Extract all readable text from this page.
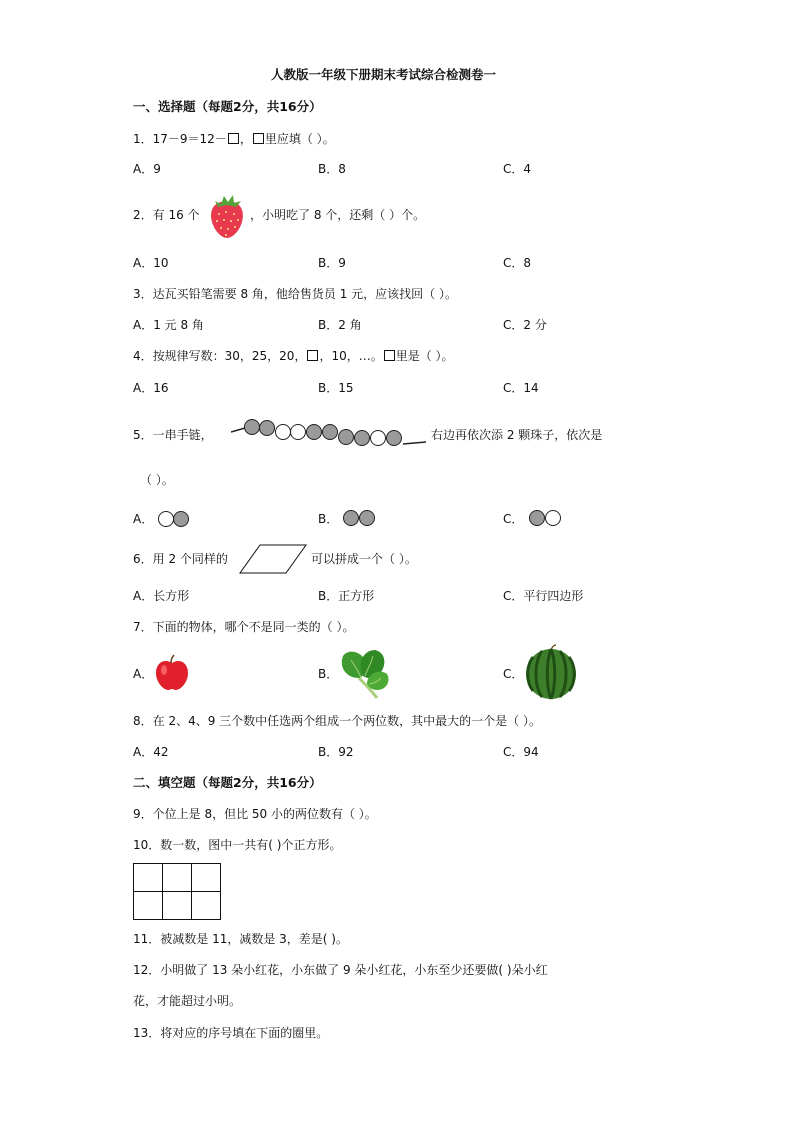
人教版一年级下册期末考试综合检测卷一
一、选择题（每题2分，共16分）
1．17－9＝12－ ， 里应填（ ）。
A．9	B．8	C．4
2．有 16 个	，小明吃了 8 个，还剩（ ）个。
A．10	B．9	C．8
3．达瓦买铅笔需要 8 角，他给售货员 1 元，应该找回（ ）。
A．1 元 8 角	B．2 角	C．2 分
4．按规律写数：30，25，20， ，10，…。 里是（ ）。
A．16	B．15	C．14
5．一串手链，	右边再依次添 2 颗珠子，依次是
（ ）。
A．	B．	C．
6．用 2 个同样的	可以拼成一个（ ）。
A．长方形	B．正方形	C．平行四边形
7．下面的物体，哪个不是同一类的（ ）。
A．	B．	C．
8．在 2、4、9 三个数中任选两个组成一个两位数，其中最大的一个是（ ）。
A．42	B．92	C．94
二、填空题（每题2分，共16分）
9．个位上是 8，但比 50 小的两位数有（ ）。
10．数一数，图中一共有( )个正方形。

11．被减数是 11，减数是 3，差是( )。
12．小明做了 13 朵小红花，小东做了 9 朵小红花，小东至少还要做( )朵小红
花，才能超过小明。
13．将对应的序号填在下面的圈里。
